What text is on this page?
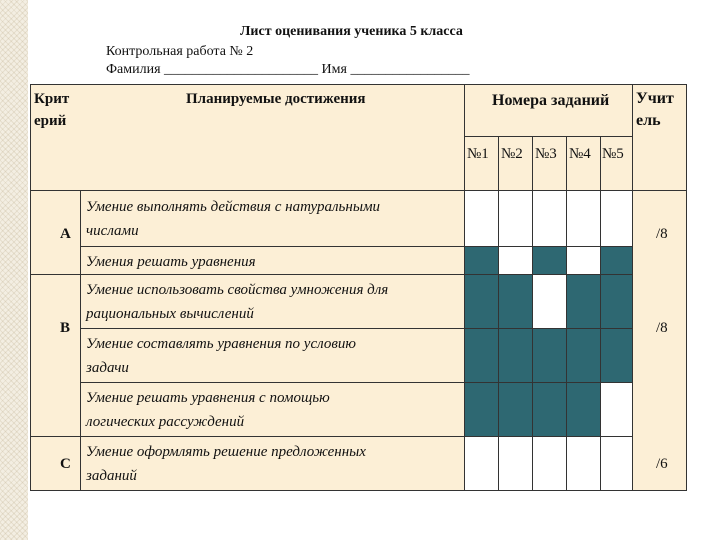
Лист оценивания ученика 5 класса
Контрольная работа № 2
Фамилия ______________________ Имя _________________
Крит
ерий
Планируемые достижения	Номера заданий Учит
ель
№1 №2 №3 №4 №5
A
B
C
Умение выполнять действия с натуральными
числами
Умения решать уравнения
Умение использовать свойства умножения для
рациональных вычислений
Умение составлять уравнения по условию
задачи
Умение решать уравнения с помощью
логических рассуждений
Умение оформлять решение предложенных
заданий
/8
/8
/6
